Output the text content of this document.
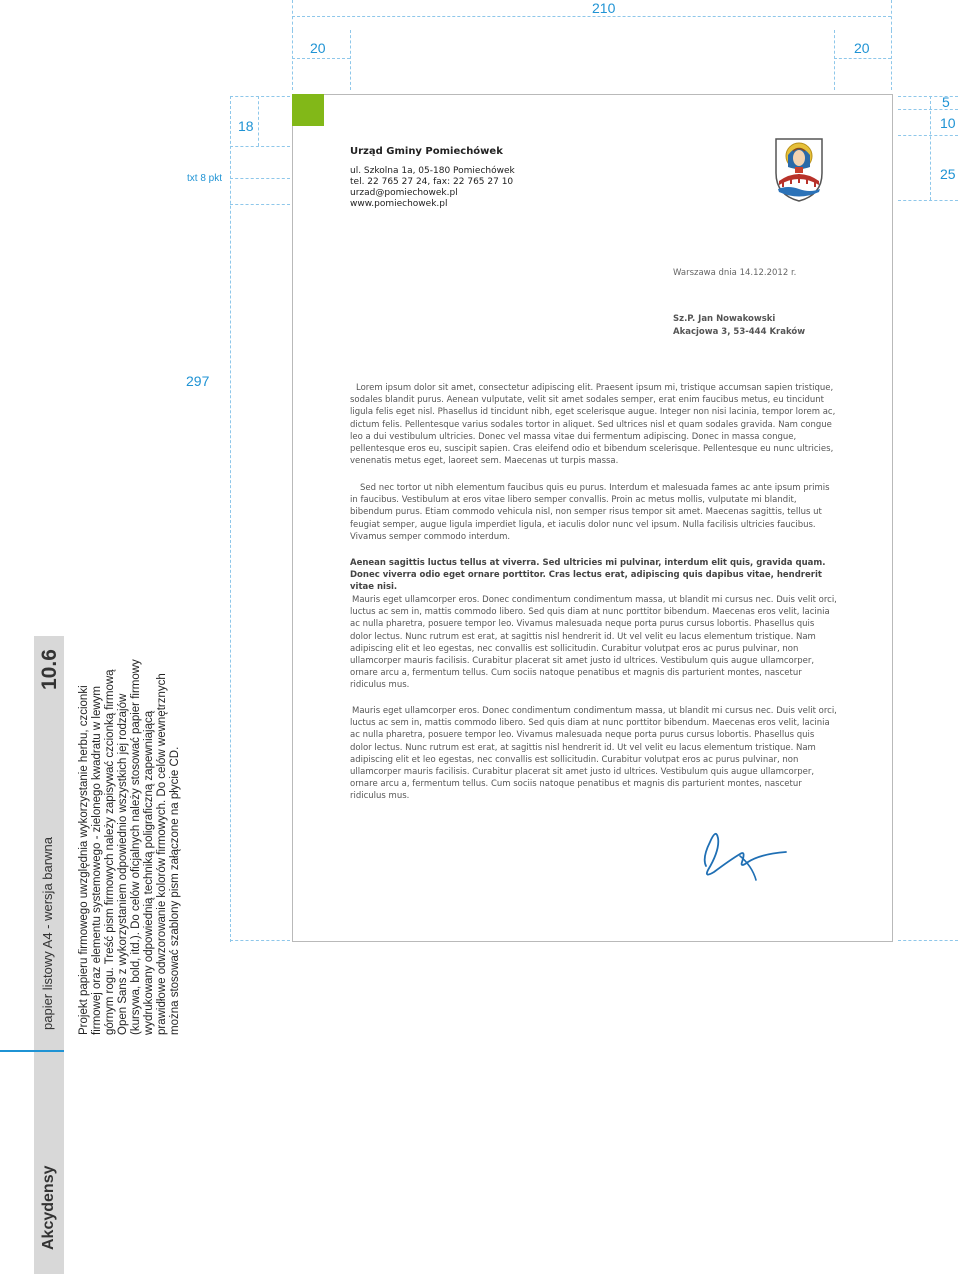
210
20	20
18
txt 8 pkt
5
10
25
297
Urząd Gminy Pomiechówek
ul. Szkolna 1a, 05-180 Pomiechówek
tel. 22 765 27 24, fax: 22 765 27 10
urzad@pomiechowek.pl
www.pomiechowek.pl
Warszawa dnia 14.12.2012 r.
Sz.P. Jan Nowakowski
Akacjowa 3, 53-444 Kraków
Lorem ipsum dolor sit amet, consectetur adipiscing elit. Praesent ipsum mi, tristique accumsan sapien tristique, sodales blandit purus. Aenean vulputate, velit sit amet sodales semper, erat enim faucibus metus, eu tincidunt ligula felis eget nisl. Phasellus id tincidunt nibh, eget scelerisque augue. Integer non nisi lacinia, tempor lorem ac, dictum felis. Pellentesque varius sodales tortor in aliquet. Sed ultrices nisl et quam sodales gravida. Nam congue leo a dui vestibulum ultricies. Donec vel massa vitae dui fermentum adipiscing. Donec in massa congue, pellentesque eros eu, suscipit sapien. Cras eleifend odio et bibendum scelerisque. Pellentesque eu nunc ultricies, venenatis metus eget, laoreet sem. Maecenas ut turpis massa.
Sed nec tortor ut nibh elementum faucibus quis eu purus. Interdum et malesuada fames ac ante ipsum primis in faucibus. Vestibulum at eros vitae libero semper convallis. Proin ac metus mollis, vulputate mi blandit, bibendum purus. Etiam commodo vehicula nisl, non semper risus tempor sit amet. Maecenas sagittis, tellus ut feugiat semper, augue ligula imperdiet ligula, et iaculis dolor nunc vel ipsum. Nulla facilisis ultricies faucibus. Vivamus semper commodo interdum.
Aenean sagittis luctus tellus at viverra. Sed ultricies mi pulvinar, interdum elit quis, gravida quam. Donec viverra odio eget ornare porttitor. Cras lectus erat, adipiscing quis dapibus vitae, hendrerit vitae nisi.
Mauris eget ullamcorper eros. Donec condimentum condimentum massa, ut blandit mi cursus nec. Duis velit orci, luctus ac sem in, mattis commodo libero. Sed quis diam at nunc porttitor bibendum. Maecenas eros velit, lacinia ac nulla pharetra, posuere tempor leo. Vivamus malesuada neque porta purus cursus lobortis. Phasellus quis dolor lectus. Nunc rutrum est erat, at sagittis nisl hendrerit id. Ut vel velit eu lacus elementum tristique. Nam adipiscing elit et leo egestas, nec convallis est sollicitudin. Curabitur volutpat eros ac purus pulvinar, non ullamcorper mauris facilisis. Curabitur placerat sit amet justo id ultrices. Vestibulum quis augue ullamcorper, ornare arcu a, fermentum tellus. Cum sociis natoque penatibus et magnis dis parturient montes, nascetur ridiculus mus.
Mauris eget ullamcorper eros. Donec condimentum condimentum massa, ut blandit mi cursus nec. Duis velit orci, luctus ac sem in, mattis commodo libero. Sed quis diam at nunc porttitor bibendum. Maecenas eros velit, lacinia ac nulla pharetra, posuere tempor leo. Vivamus malesuada neque porta purus cursus lobortis. Phasellus quis dolor lectus. Nunc rutrum est erat, at sagittis nisl hendrerit id. Ut vel velit eu lacus elementum tristique. Nam adipiscing elit et leo egestas, nec convallis est sollicitudin. Curabitur volutpat eros ac purus pulvinar, non ullamcorper mauris facilisis. Curabitur placerat sit amet justo id ultrices. Vestibulum quis augue ullamcorper, ornare arcu a, fermentum tellus. Cum sociis natoque penatibus et magnis dis parturient montes, nascetur ridiculus mus.
Akcydensy
10.6
papier listowy A4 - wersja barwna Projekt papieru firmowego uwzględnia wykorzystanie herbu, czcionki firmowej oraz elementu systemowego - zielonego kwadratu w lewym górnym rogu. Treść pism firmowych należy zapisywać czcionką firmową Open Sans z wykorzystaniem odpowiednio wszystkich jej rodzajów (kursywa, bold, itd.). Do celów oficjalnych należy stosować papier firmowy wydrukowany odpowiednią techniką poligraficzną zapewniającą prawidłowe odwzorowanie kolorów firmowych. Do celów wewnętrznych można stosować szablony pism załączone na płycie CD.
